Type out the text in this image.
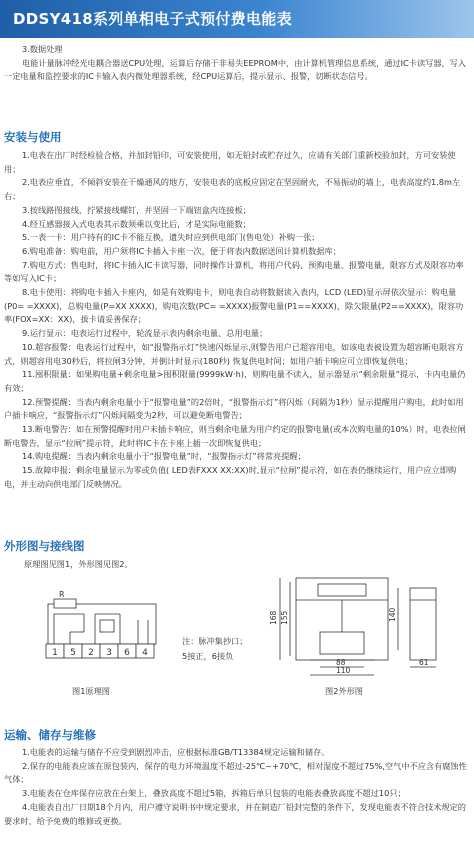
DDSY418系列单相电子式预付费电能表

3.数据处理

电能计量脉冲经光电耦合器送CPU处理，运算后存储于非易失EEPROM中，由计算机管理信息系统，通过IC卡读写器，写入一定电量和监控要求的IC卡输入表内微处理器系统，经CPU运算后，提示显示、报警，切断状态信号。

安装与使用

1.电表在出厂时经检验合格，并加封铅印，可安装使用，如无铅封或贮存过久，应请有关部门重新校验加封，方可安装使用；

2.电表应垂直，不倾斜安装在干燥通风的地方，安装电表的底板应固定在坚固耐火，不易振动的墙上，电表高度约1.8m左右；

3.按线路图接线，拧紧接线螺钉，并坚固一下端钮盒内连接板；

4.经互感器接入式电表其示数须乘以变比后，才是实际电能数；

5.一表一卡：用户持有的IC卡不能互换，遗失时应到供电部门(售电处）补购一张；

6.购电准备：购电前，用户须将IC卡插入卡座一次，便于将表内数据送回计算机数据库；

7.购电方式：售电时，将IC卡插入IC卡读写器，同时操作计算机，将用户代码、预购电量、报警电量，限容方式及限容功率等如写入IC卡；

8.电卡使用：将购电卡插入卡座内，如是有效购电卡，则电表自动将数据读入表内，LCD (LED)显示屏依次显示：购电量(P0= =XXXX)，总购电量(P=XX XXXX)，购电次数(PC= =XXXX)报警电量(P1==XXXX)，除欠限量(P2==XXXX)，限容功率(FOX=XX：XX)，拔卡请妥善保存；

9.运行显示：电表运行过程中，轮流显示表内剩余电量、总用电量；

10.超容报警：电表运行过程中，如“报警指示灯”快速闪烁显示,则警告用户已超容用电，如该电表被设置为超容断电限容方式，则超容用电30秒后，将拉闸3分钟，并倒计时显示(180秒) 恢复供电时间；如用户插卡响应可立即恢复供电；

11.囤积限量：如果购电量+剩余电量>囤积限量(9999kW·h)，则购电量不读入，显示器显示“剩余限量”提示，卡内电量仍有效；

12.预警提醒：当表内剩余电量小于“报警电量”的2倍时，“报警指示灯”将闪烁（间隔为1秒）显示提醒用户购电，此时如用户插卡响应，“报警指示灯”闪烁间隔变为2秒，可以避免断电警告；

13.断电警告：如在预警提醒时用户未插卡响应，则当剩余电量为用户约定的报警电量(或本次购电量的10%）时，电表拉闸断电警告，显示“拉闸”提示符，此时将IC卡在卡座上插一次即恢复供电；

14.购电提醒：当表内剩余电量小于“报警电量”时，“报警指示灯”将常亮提醒；

15.故障申报：剩余电量显示为零或负值( LED表FXXX XX:XX)时,显示“拉闸”提示符，如在表仍继续运行，用户应立即购电，并主动向供电部门反映情况。

外形图与接线图
原理图见图1，外形图见图2。
R
1 5 2 3 6 4
注：脉冲集抄口；
5接正，6接负
168 155	140
88
110
61
图1原理图	图2外形图
运输、储存与维修

1.电能表的运输与储存不应受到剧烈冲击，应根据标准GB/T13384规定运输和储存。

2.保存的电能表应该在原包装内，保存的电力环境温度不超过-25℃~+70℃，相对湿度不超过75%,空气中不应含有腐蚀性气体；

3.电能表在仓库保存应放在台架上，叠放高度不超过5箱，拆箱后单只包装的电能表叠放高度不超过10只；

4.电能表自出厂日期18个月内，用户遵守说明书中规定要求，并在制造厂铅封完整的条件下，发现电能表不符合技术规定的要求时，给予免费的维修或更换。
